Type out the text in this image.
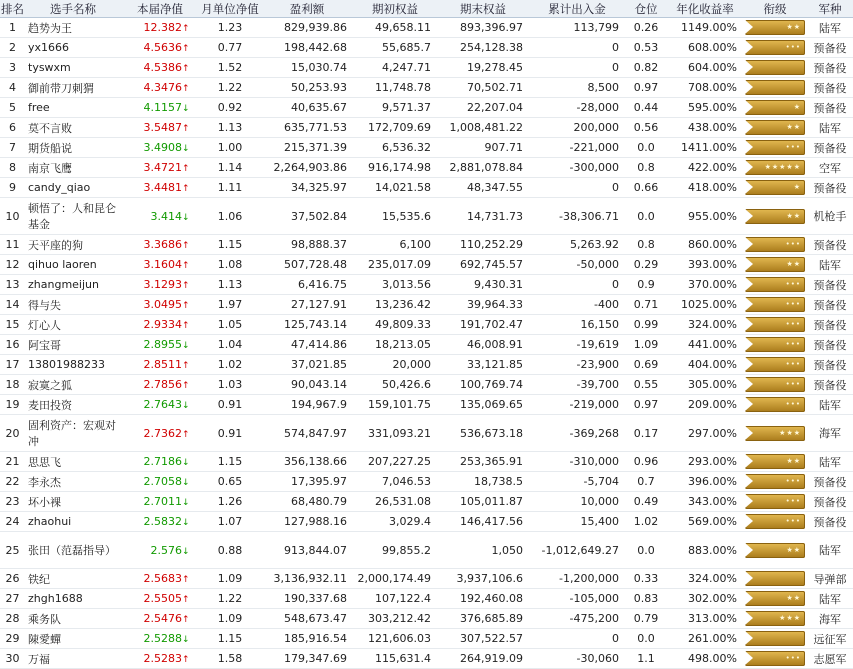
排名	选手名称	本届净值	月单位净值	盈利额	期初权益	期末权益	累计出入金	仓位	年化收益率	衔级	军种
1	趋势为王	12.382↑	1.23	829,939.86	49,658.11	893,396.97	113,799	0.26	1149.00%	★★	陆军
2	yx1666	4.5636↑	0.77	198,442.68	55,685.7	254,128.38	0	0.53	608.00%	•••	预备役
3	tyswxm	4.5386↑	1.52	15,030.74	4,247.71	19,278.45	0	0.82	604.00%		预备役
4	御前带刀刺猬	4.3476↑	1.22	50,253.93	11,748.78	70,502.71	8,500	0.97	708.00%		预备役
5	free	4.1157↓	0.92	40,635.67	9,571.37	22,207.04	-28,000	0.44	595.00%	★	预备役
6	莫不言败	3.5487↑	1.13	635,771.53	172,709.69	1,008,481.22	200,000	0.56	438.00%	★★	陆军
7	期货船说	3.4908↓	1.00	215,371.39	6,536.32	907.71	-221,000	0.0	1411.00%	•••	预备役
8	南京飞鹰	3.4721↑	1.14	2,264,903.86	916,174.98	2,881,078.84	-300,000	0.8	422.00%	★★★★★	空军
9	candy_qiao	3.4481↑	1.11	34,325.97	14,021.58	48,347.55	0	0.66	418.00%	★	预备役
10	顿悟了：人和昆仑基金	3.414↓	1.06	37,502.84	15,535.6	14,731.73	-38,306.71	0.0	955.00%	★★	机枪手
11	天平座的狗	3.3686↑	1.15	98,888.37	6,100	110,252.29	5,263.92	0.8	860.00%	•••	预备役
12	qihuo laoren	3.1604↑	1.08	507,728.48	235,017.09	692,745.57	-50,000	0.29	393.00%	★★	陆军
13	zhangmeijun	3.1293↑	1.13	6,416.75	3,013.56	9,430.31	0	0.9	370.00%	•••	预备役
14	得与失	3.0495↑	1.97	27,127.91	13,236.42	39,964.33	-400	0.71	1025.00%	•••	预备役
15	灯心人	2.9334↑	1.05	125,743.14	49,809.33	191,702.47	16,150	0.99	324.00%	•••	预备役
16	阿宝哥	2.8955↓	1.04	47,414.86	18,213.05	46,008.91	-19,619	1.09	441.00%	•••	预备役
17	13801988233	2.8511↑	1.02	37,021.85	20,000	33,121.85	-23,900	0.69	404.00%	•••	预备役
18	寂寞之狐	2.7856↑	1.03	90,043.14	50,426.6	100,769.74	-39,700	0.55	305.00%	•••	预备役
19	麦田投资	2.7643↓	0.91	194,967.9	159,101.75	135,069.65	-219,000	0.97	209.00%	•••	陆军
20	固利资产：宏观对冲	2.7362↑	0.91	574,847.97	331,093.21	536,673.18	-369,268	0.17	297.00%	★★★	海军
21	思思飞	2.7186↓	1.15	356,138.66	207,227.25	253,365.91	-310,000	0.96	293.00%	★★	陆军
22	李永杰	2.7058↓	0.65	17,395.97	7,046.53	18,738.5	-5,704	0.7	396.00%	•••	预备役
23	坏小裸	2.7011↓	1.26	68,480.79	26,531.08	105,011.87	10,000	0.49	343.00%	•••	预备役
24	zhaohui	2.5832↓	1.07	127,988.16	3,029.4	146,417.56	15,400	1.02	569.00%	•••	预备役
25	张田（范磊指导）	2.576↓	0.88	913,844.07	99,855.2	1,050	-1,012,649.27	0.0	883.00%	★★	陆军
26	铁纪	2.5683↑	1.09	3,136,932.11	2,000,174.49	3,937,106.6	-1,200,000	0.33	324.00%		导弹部
27	zhgh1688	2.5505↑	1.22	190,337.68	107,122.4	192,460.08	-105,000	0.83	302.00%	★★	陆军
28	乘务队	2.5476↑	1.09	548,673.47	303,212.42	376,685.89	-475,200	0.79	313.00%	★★★	海军
29	陳愛蟬	2.5288↓	1.15	185,916.54	121,606.03	307,522.57	0	0.0	261.00%		远征军
30	万福	2.5283↑	1.58	179,347.69	115,631.4	264,919.09	-30,060	1.1	498.00%	•••	志愿军
